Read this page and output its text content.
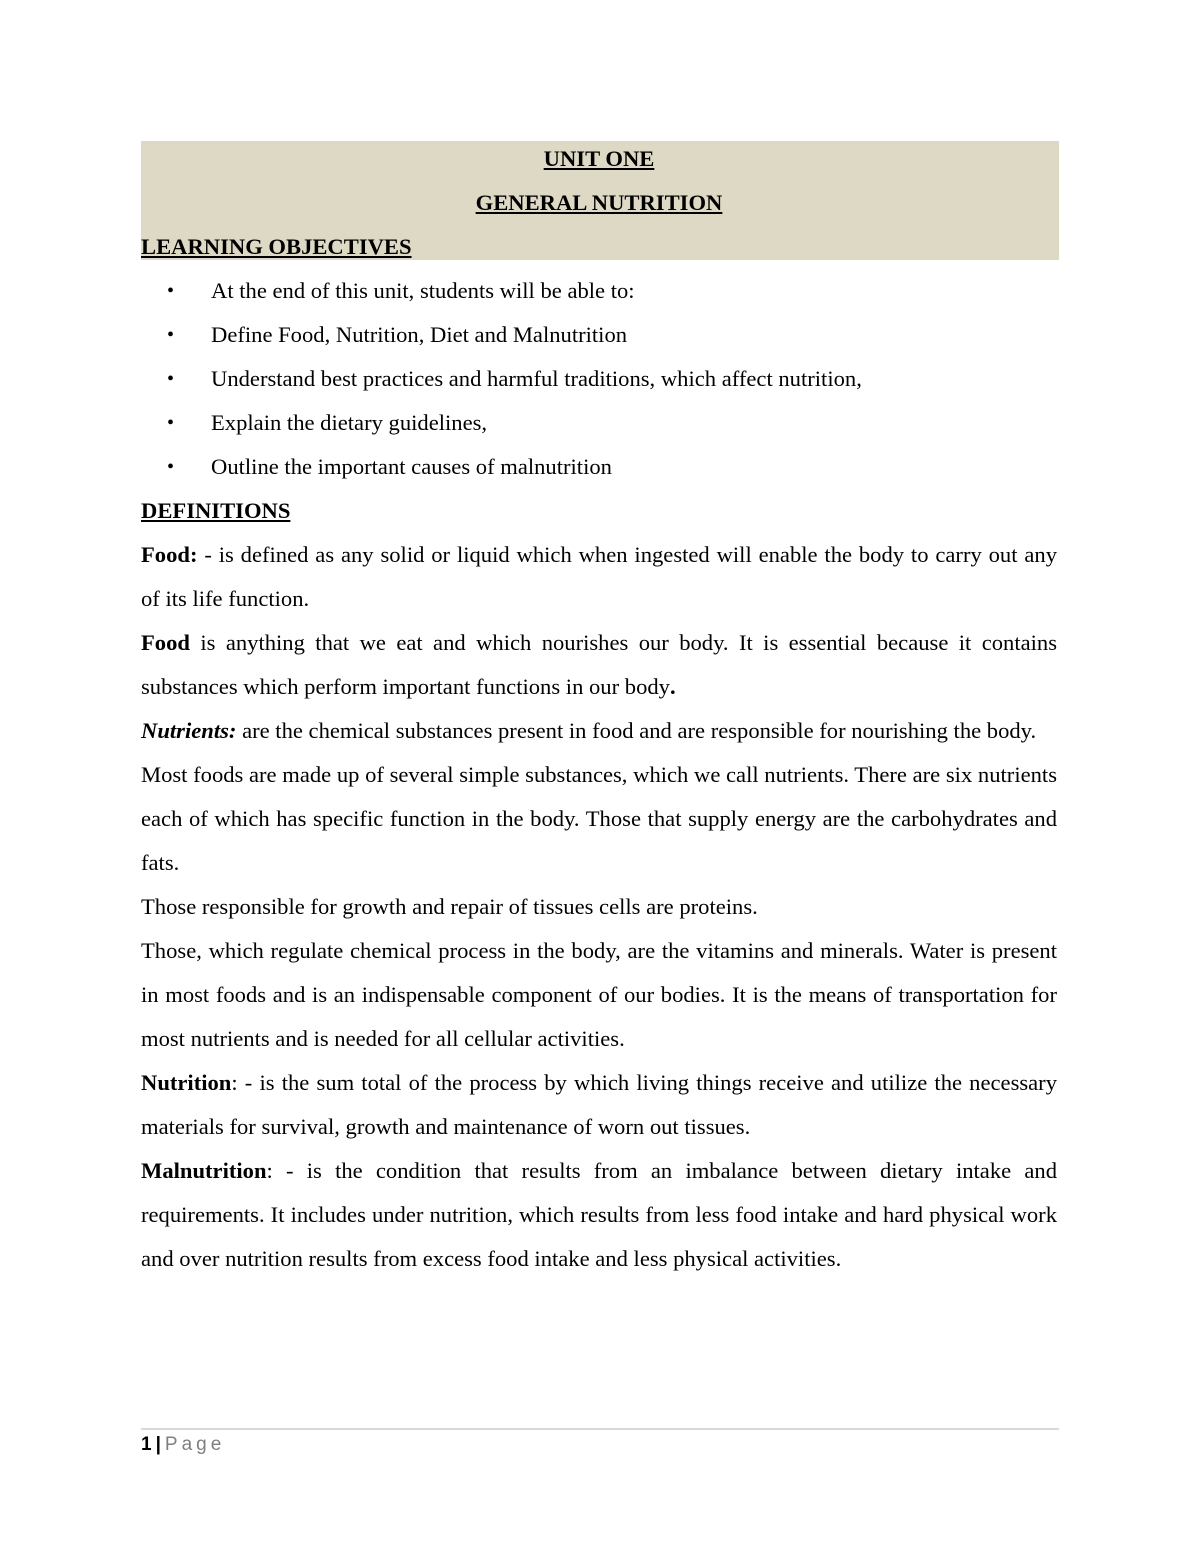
UNIT ONE
GENERAL NUTRITION
LEARNING OBJECTIVES
• At the end of this unit, students will be able to:
• Define Food, Nutrition, Diet and Malnutrition
• Understand best practices and harmful traditions, which affect nutrition,
• Explain the dietary guidelines,
• Outline the important causes of malnutrition
DEFINITIONS

Food: - is defined as any solid or liquid which when ingested will enable the body to carry out any of its life function.

Food is anything that we eat and which nourishes our body. It is essential because it contains substances which perform important functions in our body.

Nutrients: are the chemical substances present in food and are responsible for nourishing the body.

Most foods are made up of several simple substances, which we call nutrients. There are six nutrients each of which has specific function in the body. Those that supply energy are the carbohydrates and fats.

Those responsible for growth and repair of tissues cells are proteins.

Those, which regulate chemical process in the body, are the vitamins and minerals. Water is present in most foods and is an indispensable component of our bodies. It is the means of transportation for most nutrients and is needed for all cellular activities.

Nutrition: - is the sum total of the process by which living things receive and utilize the necessary materials for survival, growth and maintenance of worn out tissues.

Malnutrition: - is the condition that results from an imbalance between dietary intake and requirements. It includes under nutrition, which results from less food intake and hard physical work and over nutrition results from excess food intake and less physical activities.

1 | Page
